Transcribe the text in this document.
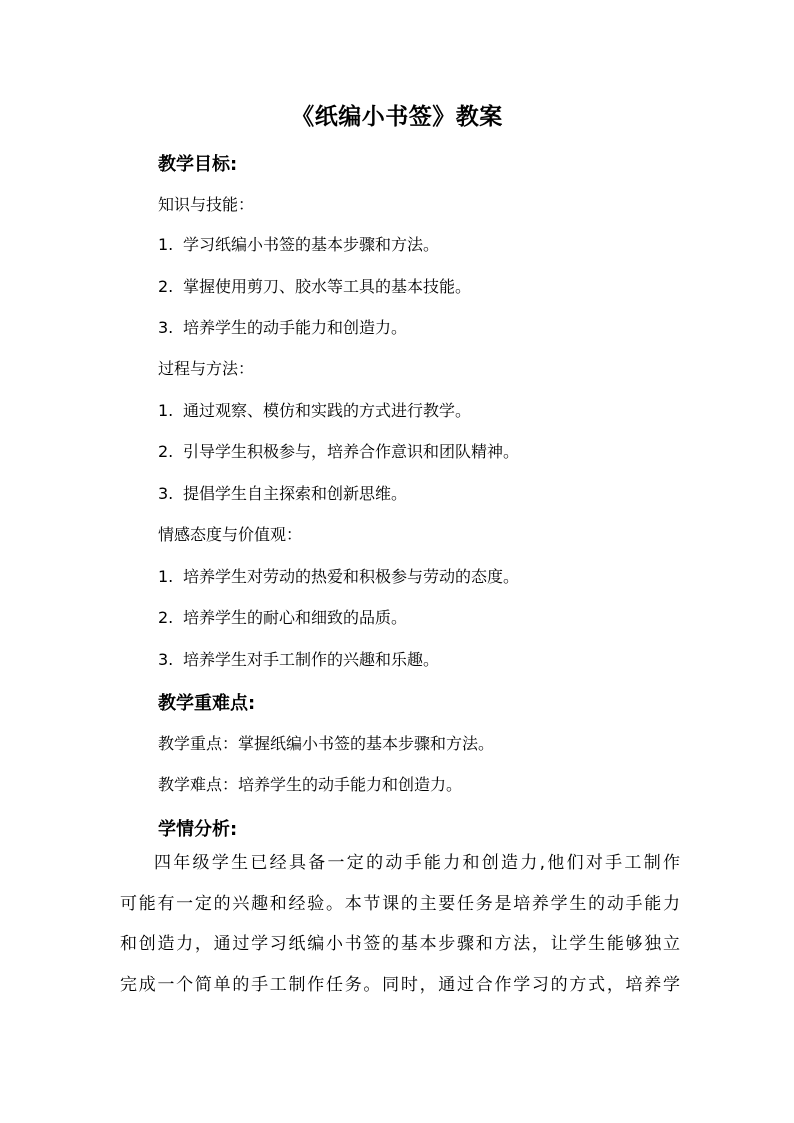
《纸编小书签》教案
教学目标:
知识与技能：
1. 学习纸编小书签的基本步骤和方法。
2. 掌握使用剪刀、胶水等工具的基本技能。
3. 培养学生的动手能力和创造力。
过程与方法：
1. 通过观察、模仿和实践的方式进行教学。
2. 引导学生积极参与，培养合作意识和团队精神。
3. 提倡学生自主探索和创新思维。
情感态度与价值观：
1. 培养学生对劳动的热爱和积极参与劳动的态度。
2. 培养学生的耐心和细致的品质。
3. 培养学生对手工制作的兴趣和乐趣。
教学重难点:
教学重点：掌握纸编小书签的基本步骤和方法。
教学难点：培养学生的动手能力和创造力。
学情分析:
四年级学生已经具备一定的动手能力和创造力,他们对手工制作
可能有一定的兴趣和经验。本节课的主要任务是培养学生的动手能力
和创造力，通过学习纸编小书签的基本步骤和方法，让学生能够独立
完成一个简单的手工制作任务。同时，通过合作学习的方式，培养学
